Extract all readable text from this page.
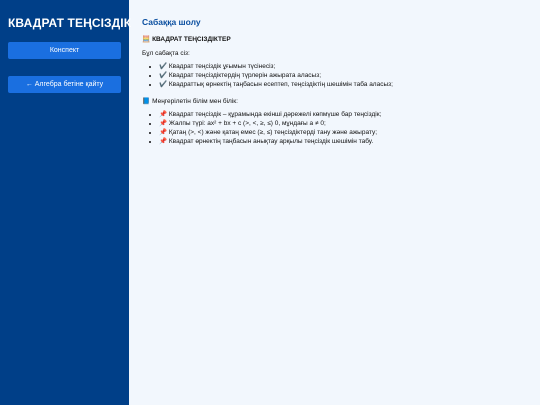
КВАДРАТ ТЕҢСІЗДІК
Конспект
← Алгебра бетіне қайту
Сабаққа шолу
🧮 КВАДРАТ ТЕҢСІЗДІКТЕР

Бұл сабақта сіз:

• ✔️ Квадрат теңсіздік ұғымын түсінесіз;
• ✔️ Квадрат теңсіздіктердің түрлерін ажырата аласыз;
• ✔️ Квадраттық өрнектің таңбасын есептеп, теңсіздіктің шешімін таба аласыз;

📘 Меңгерілетін білім мен білік:

• 📌 Квадрат теңсіздік – құрамында екінші дәрежелі көпмүше бар теңсіздік;
• 📌 Жалпы түрі: ax² + bx + c (>, <, ≥, ≤) 0, мұндағы a ≠ 0;
• 📌 Қатаң (>, <) және қатаң емес (≥, ≤) теңсіздіктерді тану және ажырату;
• 📌 Квадрат өрнектің таңбасын анықтау арқылы теңсіздік шешімін табу.
